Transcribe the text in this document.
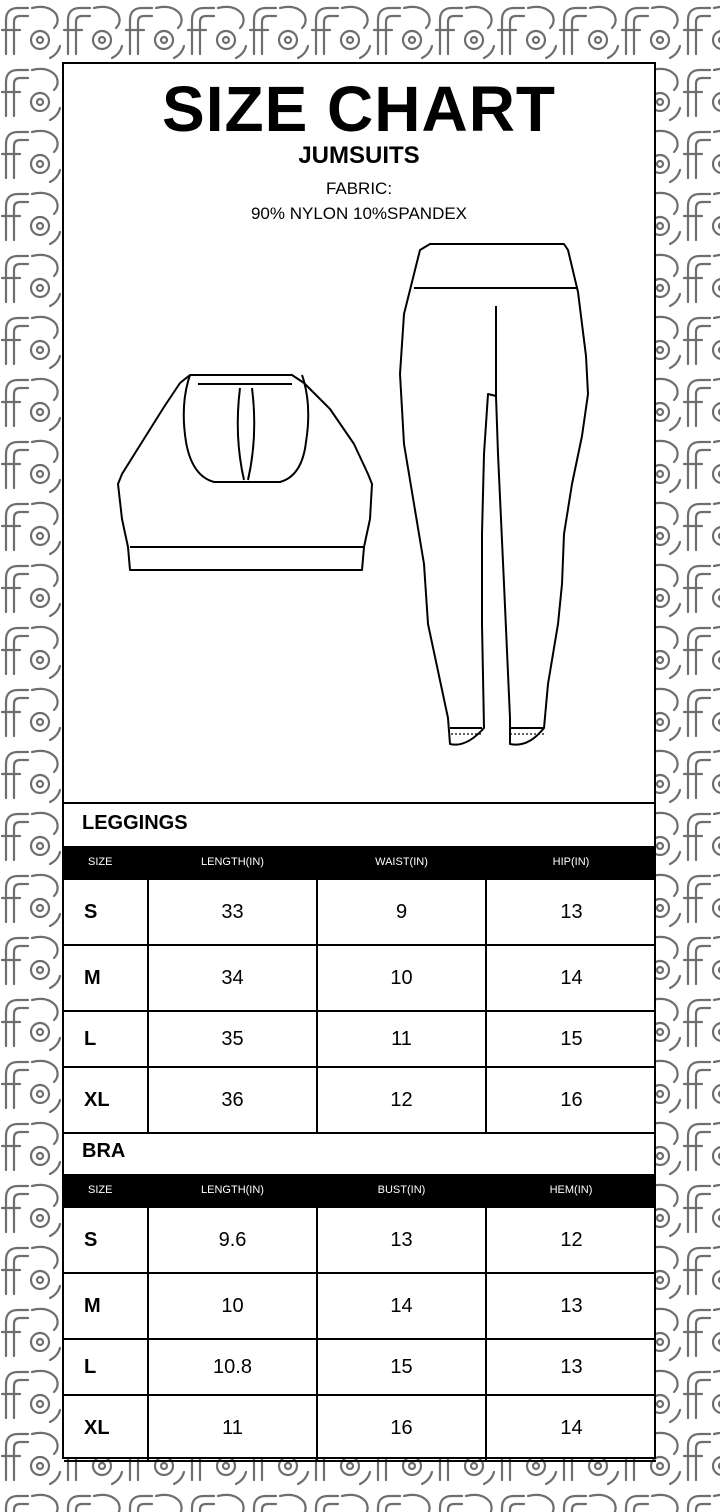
SIZE CHART
JUMSUITS
FABRIC:
90% NYLON 10%SPANDEX
LEGGINGS
SIZE	LENGTH(IN)	WAIST(IN)	HIP(IN)
S	33	9	13
M	34	10	14
L	35	11	15
XL	36	12	16
BRA
SIZE	LENGTH(IN)	BUST(IN)	HEM(IN)
S	9.6	13	12
M	10	14	13
L	10.8	15	13
XL	11	16	14
